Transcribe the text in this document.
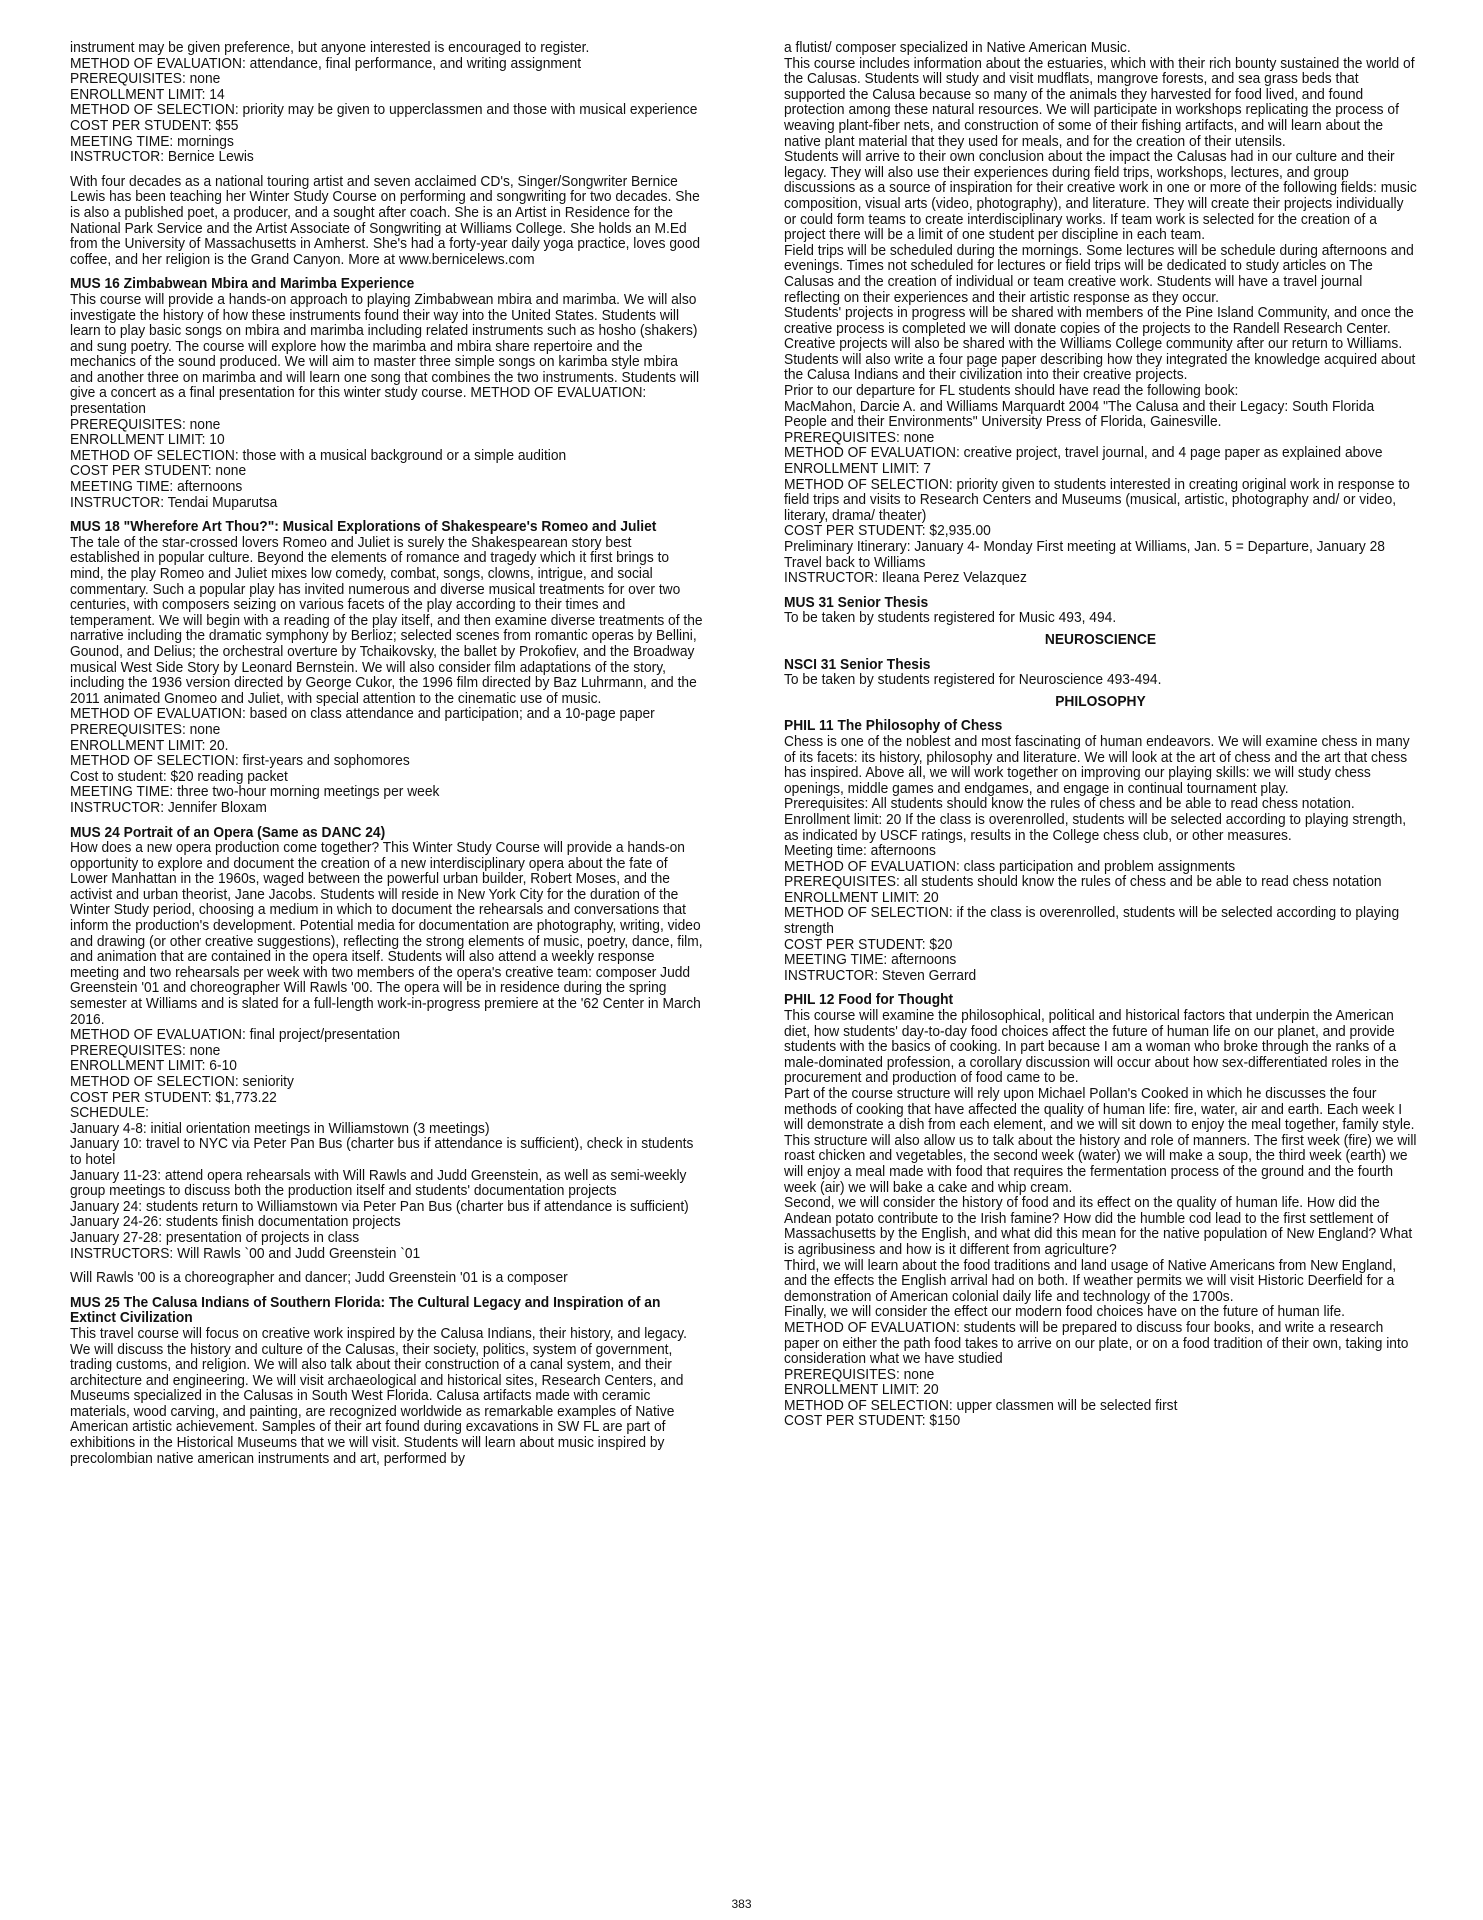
instrument may be given preference, but anyone interested is encouraged to register.

METHOD OF EVALUATION: attendance, final performance, and writing assignment

PREREQUISITES: none

ENROLLMENT LIMIT: 14

METHOD OF SELECTION: priority may be given to upperclassmen and those with musical experience

COST PER STUDENT: $55

MEETING TIME: mornings

INSTRUCTOR: Bernice Lewis

With four decades as a national touring artist and seven acclaimed CD's, Singer/Songwriter Bernice Lewis has been teaching her Winter Study Course on performing and songwriting for two decades. She is also a published poet, a producer, and a sought after coach. She is an Artist in Residence for the National Park Service and the Artist Associate of Songwriting at Williams College. She holds an M.Ed from the University of Massachusetts in Amherst. She's had a forty-year daily yoga practice, loves good coffee, and her religion is the Grand Canyon. More at www.bernicelews.com

MUS 16 Zimbabwean Mbira and Marimba Experience

This course will provide a hands-on approach to playing Zimbabwean mbira and marimba. We will also investigate the history of how these instruments found their way into the United States. Students will learn to play basic songs on mbira and marimba including related instruments such as hosho (shakers) and sung poetry. The course will explore how the marimba and mbira share repertoire and the mechanics of the sound produced. We will aim to master three simple songs on karimba style mbira and another three on marimba and will learn one song that combines the two instruments. Students will give a concert as a final presentation for this winter study course. METHOD OF EVALUATION: presentation

PREREQUISITES: none

ENROLLMENT LIMIT: 10

METHOD OF SELECTION: those with a musical background or a simple audition

COST PER STUDENT: none

MEETING TIME: afternoons

INSTRUCTOR: Tendai Muparutsa

MUS 18 "Wherefore Art Thou?": Musical Explorations of Shakespeare's Romeo and Juliet

The tale of the star-crossed lovers Romeo and Juliet is surely the Shakespearean story best established in popular culture. Beyond the elements of romance and tragedy which it first brings to mind, the play Romeo and Juliet mixes low comedy, combat, songs, clowns, intrigue, and social commentary. Such a popular play has invited numerous and diverse musical treatments for over two centuries, with composers seizing on various facets of the play according to their times and temperament. We will begin with a reading of the play itself, and then examine diverse treatments of the narrative including the dramatic symphony by Berlioz; selected scenes from romantic operas by Bellini, Gounod, and Delius; the orchestral overture by Tchaikovsky, the ballet by Prokofiev, and the Broadway musical West Side Story by Leonard Bernstein. We will also consider film adaptations of the story, including the 1936 version directed by George Cukor, the 1996 film directed by Baz Luhrmann, and the 2011 animated Gnomeo and Juliet, with special attention to the cinematic use of music.

METHOD OF EVALUATION: based on class attendance and participation; and a 10-page paper

PREREQUISITES: none

ENROLLMENT LIMIT: 20.

METHOD OF SELECTION: first-years and sophomores

Cost to student: $20 reading packet

MEETING TIME: three two-hour morning meetings per week

INSTRUCTOR: Jennifer Bloxam

MUS 24 Portrait of an Opera (Same as DANC 24)

How does a new opera production come together? This Winter Study Course will provide a hands-on opportunity to explore and document the creation of a new interdisciplinary opera about the fate of Lower Manhattan in the 1960s, waged between the powerful urban builder, Robert Moses, and the activist and urban theorist, Jane Jacobs. Students will reside in New York City for the duration of the Winter Study period, choosing a medium in which to document the rehearsals and conversations that inform the production's development. Potential media for documentation are photography, writing, video and drawing (or other creative suggestions), reflecting the strong elements of music, poetry, dance, film, and animation that are contained in the opera itself. Students will also attend a weekly response meeting and two rehearsals per week with two members of the opera's creative team: composer Judd Greenstein '01 and choreographer Will Rawls '00. The opera will be in residence during the spring semester at Williams and is slated for a full-length work-in-progress premiere at the '62 Center in March 2016.

METHOD OF EVALUATION: final project/presentation

PREREQUISITES: none

ENROLLMENT LIMIT: 6-10

METHOD OF SELECTION: seniority

COST PER STUDENT: $1,773.22

SCHEDULE:

January 4-8: initial orientation meetings in Williamstown (3 meetings)

January 10: travel to NYC via Peter Pan Bus (charter bus if attendance is sufficient), check in students to hotel

January 11-23: attend opera rehearsals with Will Rawls and Judd Greenstein, as well as semi-weekly group meetings to discuss both the production itself and students' documentation projects

January 24: students return to Williamstown via Peter Pan Bus (charter bus if attendance is sufficient)

January 24-26: students finish documentation projects

January 27-28: presentation of projects in class

INSTRUCTORS: Will Rawls `00 and Judd Greenstein `01

Will Rawls '00 is a choreographer and dancer; Judd Greenstein '01 is a composer

MUS 25 The Calusa Indians of Southern Florida: The Cultural Legacy and Inspiration of an Extinct Civilization

This travel course will focus on creative work inspired by the Calusa Indians, their history, and legacy. We will discuss the history and culture of the Calusas, their society, politics, system of government, trading customs, and religion. We will also talk about their construction of a canal system, and their architecture and engineering. We will visit archaeological and historical sites, Research Centers, and Museums specialized in the Calusas in South West Florida. Calusa artifacts made with ceramic materials, wood carving, and painting, are recognized worldwide as remarkable examples of Native American artistic achievement. Samples of their art found during excavations in SW FL are part of exhibitions in the Historical Museums that we will visit. Students will learn about music inspired by precolombian native american instruments and art, performed by

a flutist/ composer specialized in Native American Music.

This course includes information about the estuaries, which with their rich bounty sustained the world of the Calusas. Students will study and visit mudflats, mangrove forests, and sea grass beds that supported the Calusa because so many of the animals they harvested for food lived, and found protection among these natural resources. We will participate in workshops replicating the process of weaving plant-fiber nets, and construction of some of their fishing artifacts, and will learn about the native plant material that they used for meals, and for the creation of their utensils.

Students will arrive to their own conclusion about the impact the Calusas had in our culture and their legacy. They will also use their experiences during field trips, workshops, lectures, and group discussions as a source of inspiration for their creative work in one or more of the following fields: music composition, visual arts (video, photography), and literature. They will create their projects individually or could form teams to create interdisciplinary works. If team work is selected for the creation of a project there will be a limit of one student per discipline in each team.

Field trips will be scheduled during the mornings. Some lectures will be schedule during afternoons and evenings. Times not scheduled for lectures or field trips will be dedicated to study articles on The Calusas and the creation of individual or team creative work. Students will have a travel journal reflecting on their experiences and their artistic response as they occur.

Students' projects in progress will be shared with members of the Pine Island Community, and once the creative process is completed we will donate copies of the projects to the Randell Research Center. Creative projects will also be shared with the Williams College community after our return to Williams. Students will also write a four page paper describing how they integrated the knowledge acquired about the Calusa Indians and their civilization into their creative projects.

Prior to our departure for FL students should have read the following book:

MacMahon, Darcie A. and Williams Marquardt 2004 "The Calusa and their Legacy: South Florida People and their Environments" University Press of Florida, Gainesville.

PREREQUISITES: none

METHOD OF EVALUATION: creative project, travel journal, and 4 page paper as explained above

ENROLLMENT LIMIT: 7

METHOD OF SELECTION: priority given to students interested in creating original work in response to field trips and visits to Research Centers and Museums (musical, artistic, photography and/ or video, literary, drama/ theater)

COST PER STUDENT: $2,935.00

Preliminary Itinerary: January 4- Monday First meeting at Williams, Jan. 5 = Departure, January 28 Travel back to Williams

INSTRUCTOR: Ileana Perez Velazquez

MUS 31 Senior Thesis

To be taken by students registered for Music 493, 494.

NEUROSCIENCE
NSCI 31 Senior Thesis

To be taken by students registered for Neuroscience 493-494.

PHILOSOPHY
PHIL 11 The Philosophy of Chess

Chess is one of the noblest and most fascinating of human endeavors. We will examine chess in many of its facets: its history, philosophy and literature. We will look at the art of chess and the art that chess has inspired. Above all, we will work together on improving our playing skills: we will study chess openings, middle games and endgames, and engage in continual tournament play.

Prerequisites: All students should know the rules of chess and be able to read chess notation.

Enrollment limit: 20 If the class is overenrolled, students will be selected according to playing strength, as indicated by USCF ratings, results in the College chess club, or other measures.

Meeting time: afternoons

METHOD OF EVALUATION: class participation and problem assignments

PREREQUISITES: all students should know the rules of chess and be able to read chess notation

ENROLLMENT LIMIT: 20

METHOD OF SELECTION: if the class is overenrolled, students will be selected according to playing strength

COST PER STUDENT: $20

MEETING TIME: afternoons

INSTRUCTOR: Steven Gerrard

PHIL 12 Food for Thought

This course will examine the philosophical, political and historical factors that underpin the American diet, how students' day-to-day food choices affect the future of human life on our planet, and provide students with the basics of cooking. In part because I am a woman who broke through the ranks of a male-dominated profession, a corollary discussion will occur about how sex-differentiated roles in the procurement and production of food came to be.

Part of the course structure will rely upon Michael Pollan's Cooked in which he discusses the four methods of cooking that have affected the quality of human life: fire, water, air and earth. Each week I will demonstrate a dish from each element, and we will sit down to enjoy the meal together, family style. This structure will also allow us to talk about the history and role of manners. The first week (fire) we will roast chicken and vegetables, the second week (water) we will make a soup, the third week (earth) we will enjoy a meal made with food that requires the fermentation process of the ground and the fourth week (air) we will bake a cake and whip cream.

Second, we will consider the history of food and its effect on the quality of human life. How did the Andean potato contribute to the Irish famine? How did the humble cod lead to the first settlement of Massachusetts by the English, and what did this mean for the native population of New England? What is agribusiness and how is it different from agriculture?

Third, we will learn about the food traditions and land usage of Native Americans from New England, and the effects the English arrival had on both. If weather permits we will visit Historic Deerfield for a demonstration of American colonial daily life and technology of the 1700s.

Finally, we will consider the effect our modern food choices have on the future of human life.

METHOD OF EVALUATION: students will be prepared to discuss four books, and write a research paper on either the path food takes to arrive on our plate, or on a food tradition of their own, taking into consideration what we have studied

PREREQUISITES: none

ENROLLMENT LIMIT: 20

METHOD OF SELECTION: upper classmen will be selected first

COST PER STUDENT: $150

383
